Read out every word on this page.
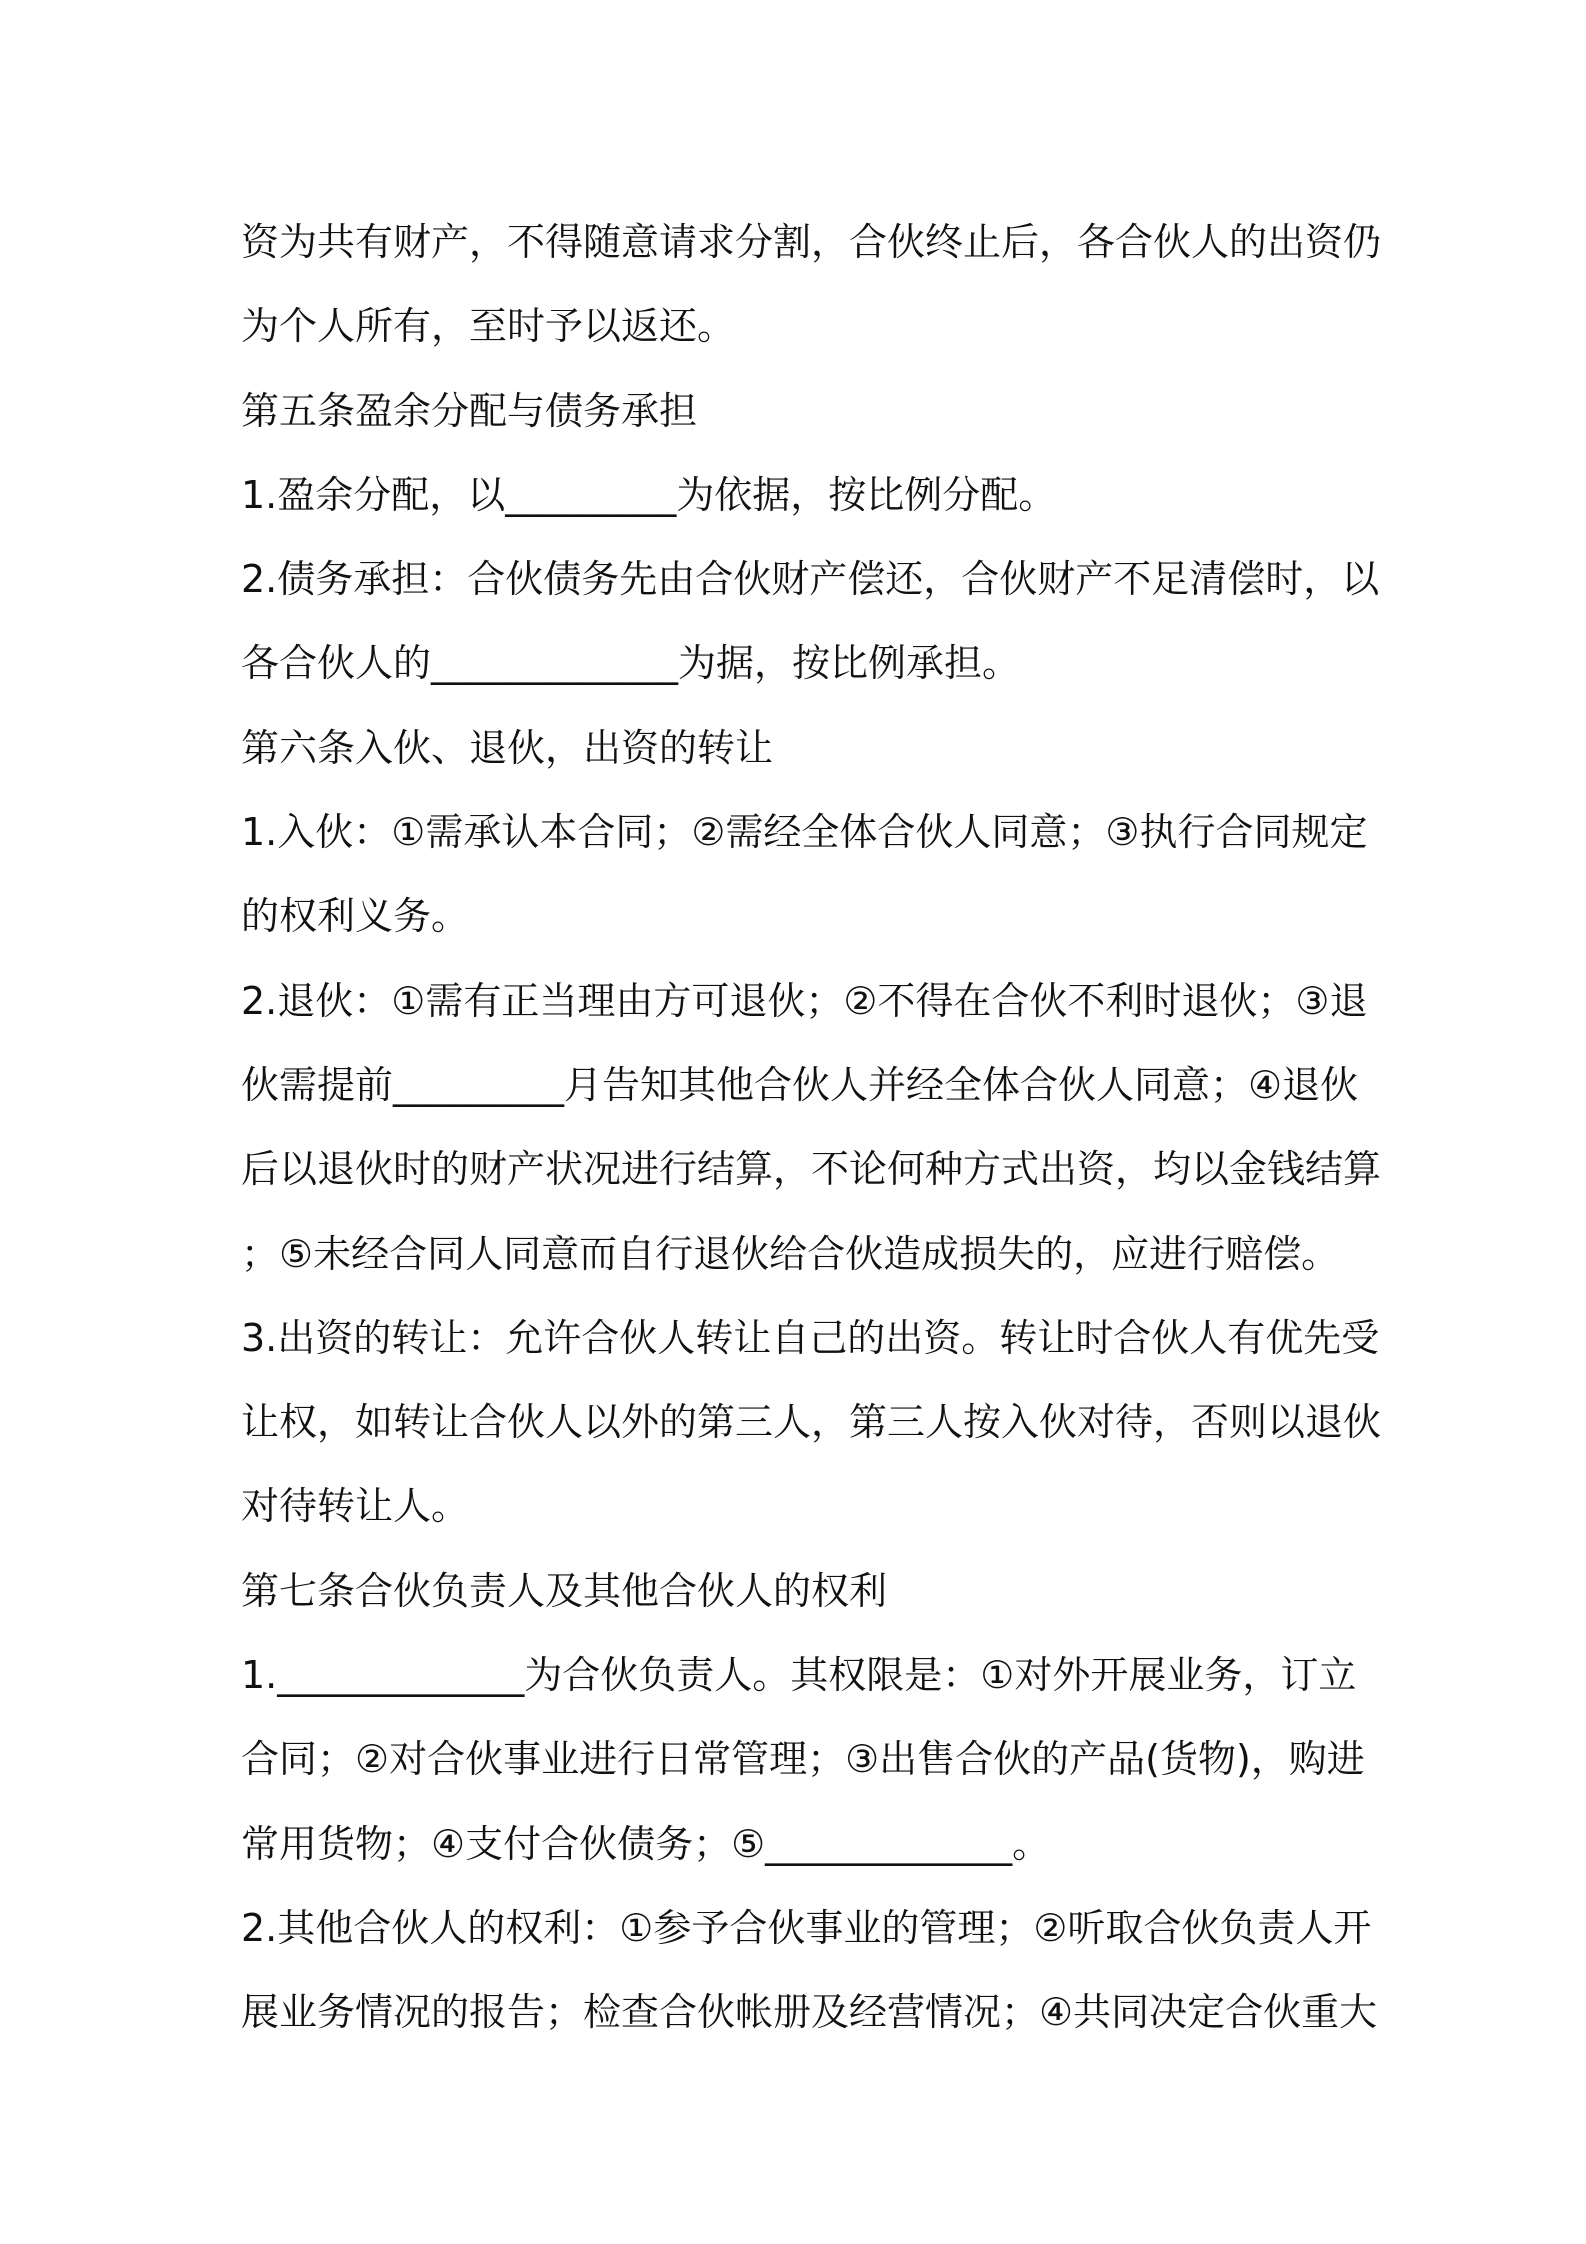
资为共有财产，不得随意请求分割，合伙终止后，各合伙人的出资仍
为个人所有，至时予以返还。
第五条盈余分配与债务承担
1.盈余分配，以_________为依据，按比例分配。
2.债务承担：合伙债务先由合伙财产偿还，合伙财产不足清偿时，以
各合伙人的_____________为据，按比例承担。
第六条入伙、退伙，出资的转让
1.入伙：①需承认本合同；②需经全体合伙人同意；③执行合同规定
的权利义务。
2.退伙：①需有正当理由方可退伙；②不得在合伙不利时退伙；③退
伙需提前_________月告知其他合伙人并经全体合伙人同意；④退伙
后以退伙时的财产状况进行结算，不论何种方式出资，均以金钱结算
；⑤未经合同人同意而自行退伙给合伙造成损失的，应进行赔偿。
3.出资的转让：允许合伙人转让自己的出资。转让时合伙人有优先受
让权，如转让合伙人以外的第三人，第三人按入伙对待，否则以退伙
对待转让人。
第七条合伙负责人及其他合伙人的权利
1._____________为合伙负责人。其权限是：①对外开展业务，订立
合同；②对合伙事业进行日常管理；③出售合伙的产品(货物)，购进
常用货物；④支付合伙债务；⑤_____________。
2.其他合伙人的权利：①参予合伙事业的管理；②听取合伙负责人开
展业务情况的报告；检查合伙帐册及经营情况；④共同决定合伙重大
